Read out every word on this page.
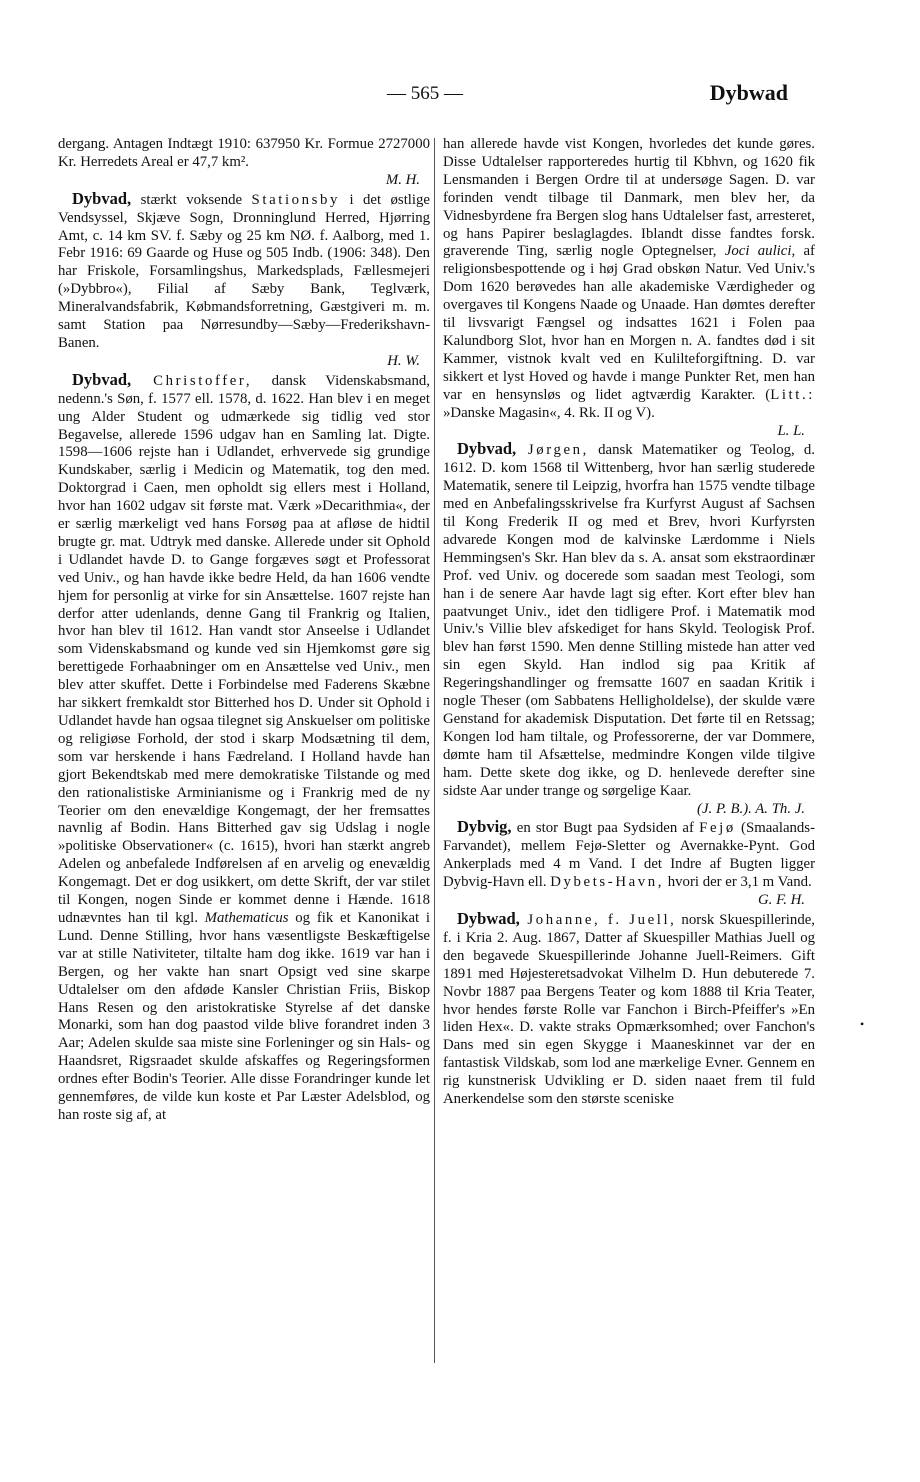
— 565 —	Dybwad

dergang. Antagen Indtægt 1910: 637950 Kr. Formue 2727000 Kr. Herredets Areal er 47,7 km².

M. H.

Dybvad, stærkt voksende Stationsby i det østlige Vendsyssel, Skjæve Sogn, Dronninglund Herred, Hjørring Amt, c. 14 km SV. f. Sæby og 25 km NØ. f. Aalborg, med 1. Febr 1916: 69 Gaarde og Huse og 505 Indb. (1906: 348). Den har Friskole, Forsamlingshus, Markedsplads, Fællesmejeri (»Dybbro«), Filial af Sæby Bank, Teglværk, Mineralvandsfabrik, Købmandsforretning, Gæstgiveri m. m. samt Station paa Nørresundby—Sæby—Frederikshavn-Banen.

H. W.

Dybvad, Christoffer, dansk Videnskabsmand, nedenn.'s Søn, f. 1577 ell. 1578, d. 1622. Han blev i en meget ung Alder Student og udmærkede sig tidlig ved stor Begavelse, allerede 1596 udgav han en Samling lat. Digte. 1598—1606 rejste han i Udlandet, erhvervede sig grundige Kundskaber, særlig i Medicin og Matematik, tog den med. Doktorgrad i Caen, men opholdt sig ellers mest i Holland, hvor han 1602 udgav sit første mat. Værk »Decarithmia«, der er særlig mærkeligt ved hans Forsøg paa at afløse de hidtil brugte gr. mat. Udtryk med danske. Allerede under sit Ophold i Udlandet havde D. to Gange forgæves søgt et Professorat ved Univ., og han havde ikke bedre Held, da han 1606 vendte hjem for personlig at virke for sin Ansættelse. 1607 rejste han derfor atter udenlands, denne Gang til Frankrig og Italien, hvor han blev til 1612. Han vandt stor Anseelse i Udlandet som Videnskabsmand og kunde ved sin Hjemkomst gøre sig berettigede Forhaabninger om en Ansættelse ved Univ., men blev atter skuffet. Dette i Forbindelse med Faderens Skæbne har sikkert fremkaldt stor Bitterhed hos D. Under sit Ophold i Udlandet havde han ogsaa tilegnet sig Anskuelser om politiske og religiøse Forhold, der stod i skarp Modsætning til dem, som var herskende i hans Fædreland. I Holland havde han gjort Bekendtskab med mere demokratiske Tilstande og med den rationalistiske Arminianisme og i Frankrig med de ny Teorier om den enevældige Kongemagt, der her fremsattes navnlig af Bodin. Hans Bitterhed gav sig Udslag i nogle »politiske Observationer« (c. 1615), hvori han stærkt angreb Adelen og anbefalede Indførelsen af en arvelig og enevældig Kongemagt. Det er dog usikkert, om dette Skrift, der var stilet til Kongen, nogen Sinde er kommet denne i Hænde. 1618 udnævntes han til kgl. Mathematicus og fik et Kanonikat i Lund. Denne Stilling, hvor hans væsentligste Beskæftigelse var at stille Nativiteter, tiltalte ham dog ikke. 1619 var han i Bergen, og her vakte han snart Opsigt ved sine skarpe Udtalelser om den afdøde Kansler Christian Friis, Biskop Hans Resen og den aristokratiske Styrelse af det danske Monarki, som han dog paastod vilde blive forandret inden 3 Aar; Adelen skulde saa miste sine Forleninger og sin Hals- og Haandsret, Rigsraadet skulde afskaffes og Regeringsformen ordnes efter Bodin's Teorier. Alle disse Forandringer kunde let gennemføres, de vilde kun koste et Par Læster Adelsblod, og han roste sig af, at

han allerede havde vist Kongen, hvorledes det kunde gøres. Disse Udtalelser rapporteredes hurtig til Kbhvn, og 1620 fik Lensmanden i Bergen Ordre til at undersøge Sagen. D. var forinden vendt tilbage til Danmark, men blev her, da Vidnesbyrdene fra Bergen slog hans Udtalelser fast, arresteret, og hans Papirer beslaglagdes. Iblandt disse fandtes forsk. graverende Ting, særlig nogle Optegnelser, Joci aulici, af religionsbespottende og i høj Grad obskøn Natur. Ved Univ.'s Dom 1620 berøvedes han alle akademiske Værdigheder og overgaves til Kongens Naade og Unaade. Han dømtes derefter til livsvarigt Fængsel og indsattes 1621 i Folen paa Kalundborg Slot, hvor han en Morgen n. A. fandtes død i sit Kammer, vistnok kvalt ved en Kulilteforgiftning. D. var sikkert et lyst Hoved og havde i mange Punkter Ret, men han var en hensynsløs og lidet agtværdig Karakter. (Litt.: »Danske Magasin«, 4. Rk. II og V).

L. L.

Dybvad, Jørgen, dansk Matematiker og Teolog, d. 1612. D. kom 1568 til Wittenberg, hvor han særlig studerede Matematik, senere til Leipzig, hvorfra han 1575 vendte tilbage med en Anbefalingsskrivelse fra Kurfyrst August af Sachsen til Kong Frederik II og med et Brev, hvori Kurfyrsten advarede Kongen mod de kalvinske Lærdomme i Niels Hemmingsen's Skr. Han blev da s. A. ansat som ekstraordinær Prof. ved Univ. og docerede som saadan mest Teologi, som han i de senere Aar havde lagt sig efter. Kort efter blev han paatvunget Univ., idet den tidligere Prof. i Matematik mod Univ.'s Villie blev afskediget for hans Skyld. Teologisk Prof. blev han først 1590. Men denne Stilling mistede han atter ved sin egen Skyld. Han indlod sig paa Kritik af Regeringshandlinger og fremsatte 1607 en saadan Kritik i nogle Theser (om Sabbatens Helligholdelse), der skulde være Genstand for akademisk Disputation. Det førte til en Retssag; Kongen lod ham tiltale, og Professorerne, der var Dommere, dømte ham til Afsættelse, medmindre Kongen vilde tilgive ham. Dette skete dog ikke, og D. henlevede derefter sine sidste Aar under trange og sørgelige Kaar.

(J. P. B.). A. Th. J.

Dybvig, en stor Bugt paa Sydsiden af Fejø (Smaalands-Farvandet), mellem Fejø-Sletter og Avernakke-Pynt. God Ankerplads med 4 m Vand. I det Indre af Bugten ligger Dybvig-Havn ell. Dybets-Havn, hvori der er 3,1 m Vand.

G. F. H.

Dybwad, Johanne, f. Juell, norsk Skuespillerinde, f. i Kria 2. Aug. 1867, Datter af Skuespiller Mathias Juell og den begavede Skuespillerinde Johanne Juell-Reimers. Gift 1891 med Højesteretsadvokat Vilhelm D. Hun debuterede 7. Novbr 1887 paa Bergens Teater og kom 1888 til Kria Teater, hvor hendes første Rolle var Fanchon i Birch-Pfeiffer's »En liden Hex«. D. vakte straks Opmærksomhed; over Fanchon's Dans med sin egen Skygge i Maaneskinnet var der en fantastisk Vildskab, som lod ane mærkelige Evner. Gennem en rig kunstnerisk Udvikling er D. siden naaet frem til fuld Anerkendelse som den største sceniske

•
